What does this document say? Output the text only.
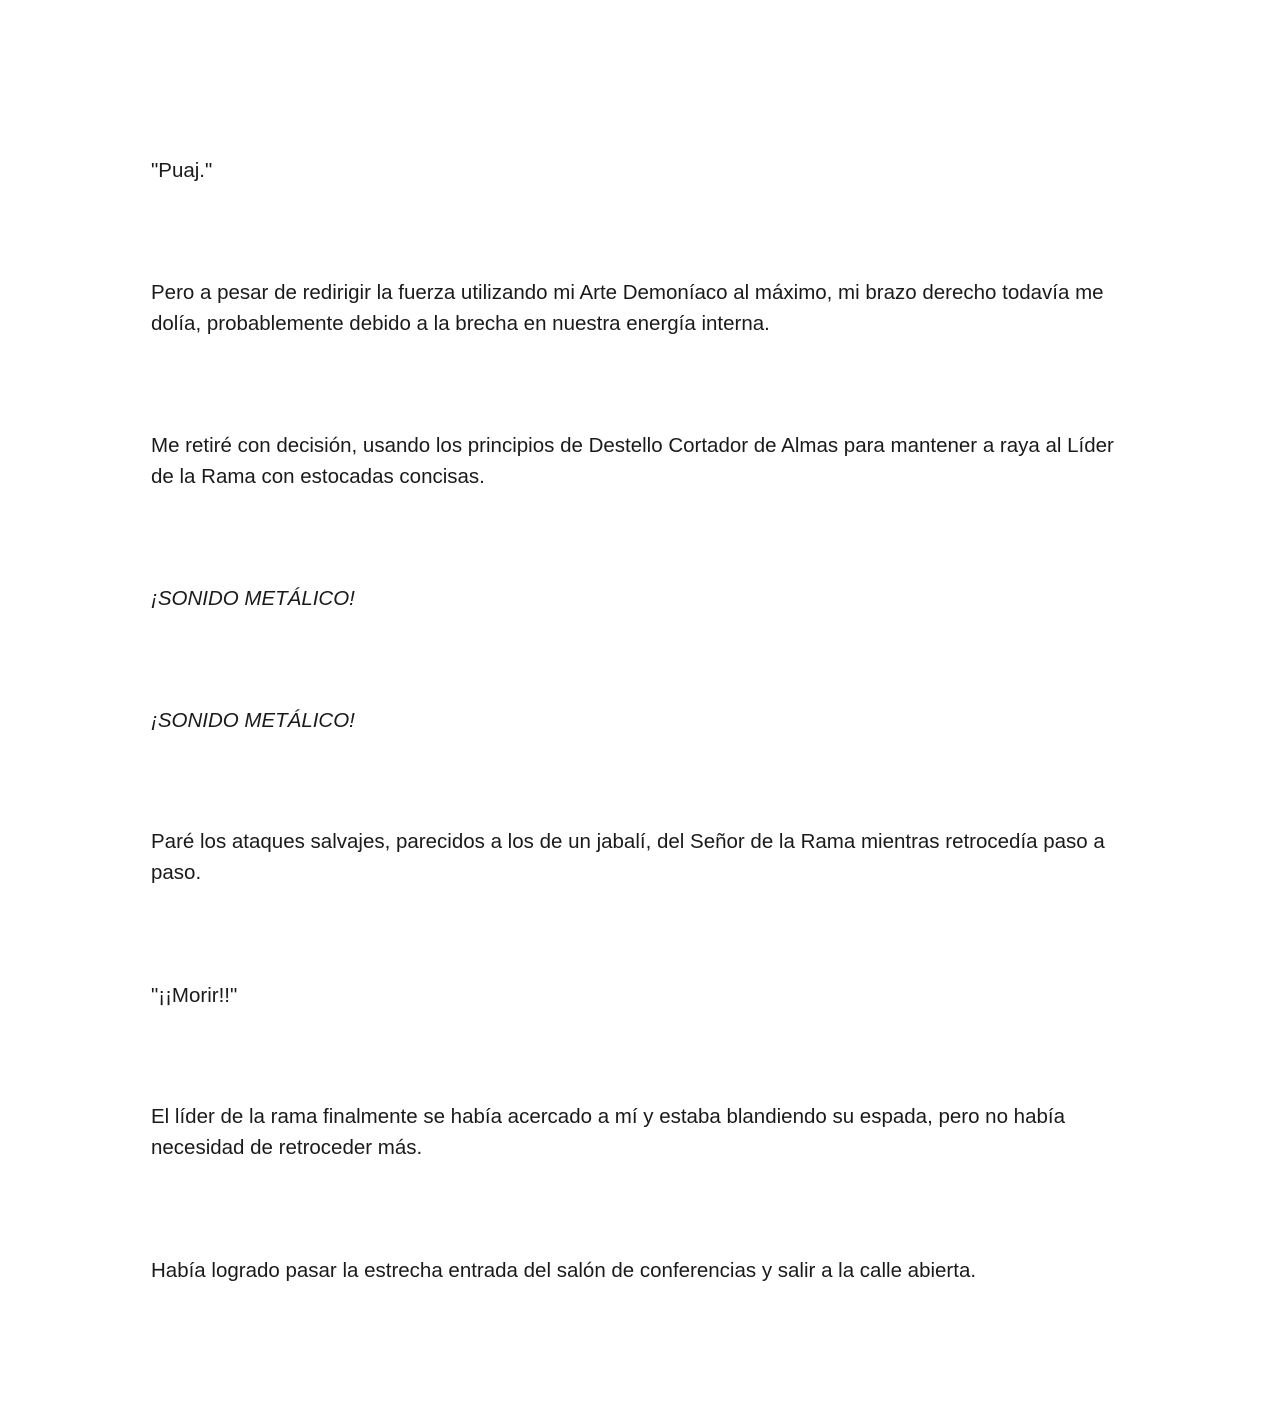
"Puaj."

Pero a pesar de redirigir la fuerza utilizando mi Arte Demoníaco al máximo, mi brazo derecho todavía me dolía, probablemente debido a la brecha en nuestra energía interna.

Me retiré con decisión, usando los principios de Destello Cortador de Almas para mantener a raya al Líder de la Rama con estocadas concisas.

¡SONIDO METÁLICO!

¡SONIDO METÁLICO!

Paré los ataques salvajes, parecidos a los de un jabalí, del Señor de la Rama mientras retrocedía paso a paso.

"¡¡Morir!!"

El líder de la rama finalmente se había acercado a mí y estaba blandiendo su espada, pero no había necesidad de retroceder más.

Había logrado pasar la estrecha entrada del salón de conferencias y salir a la calle abierta.
